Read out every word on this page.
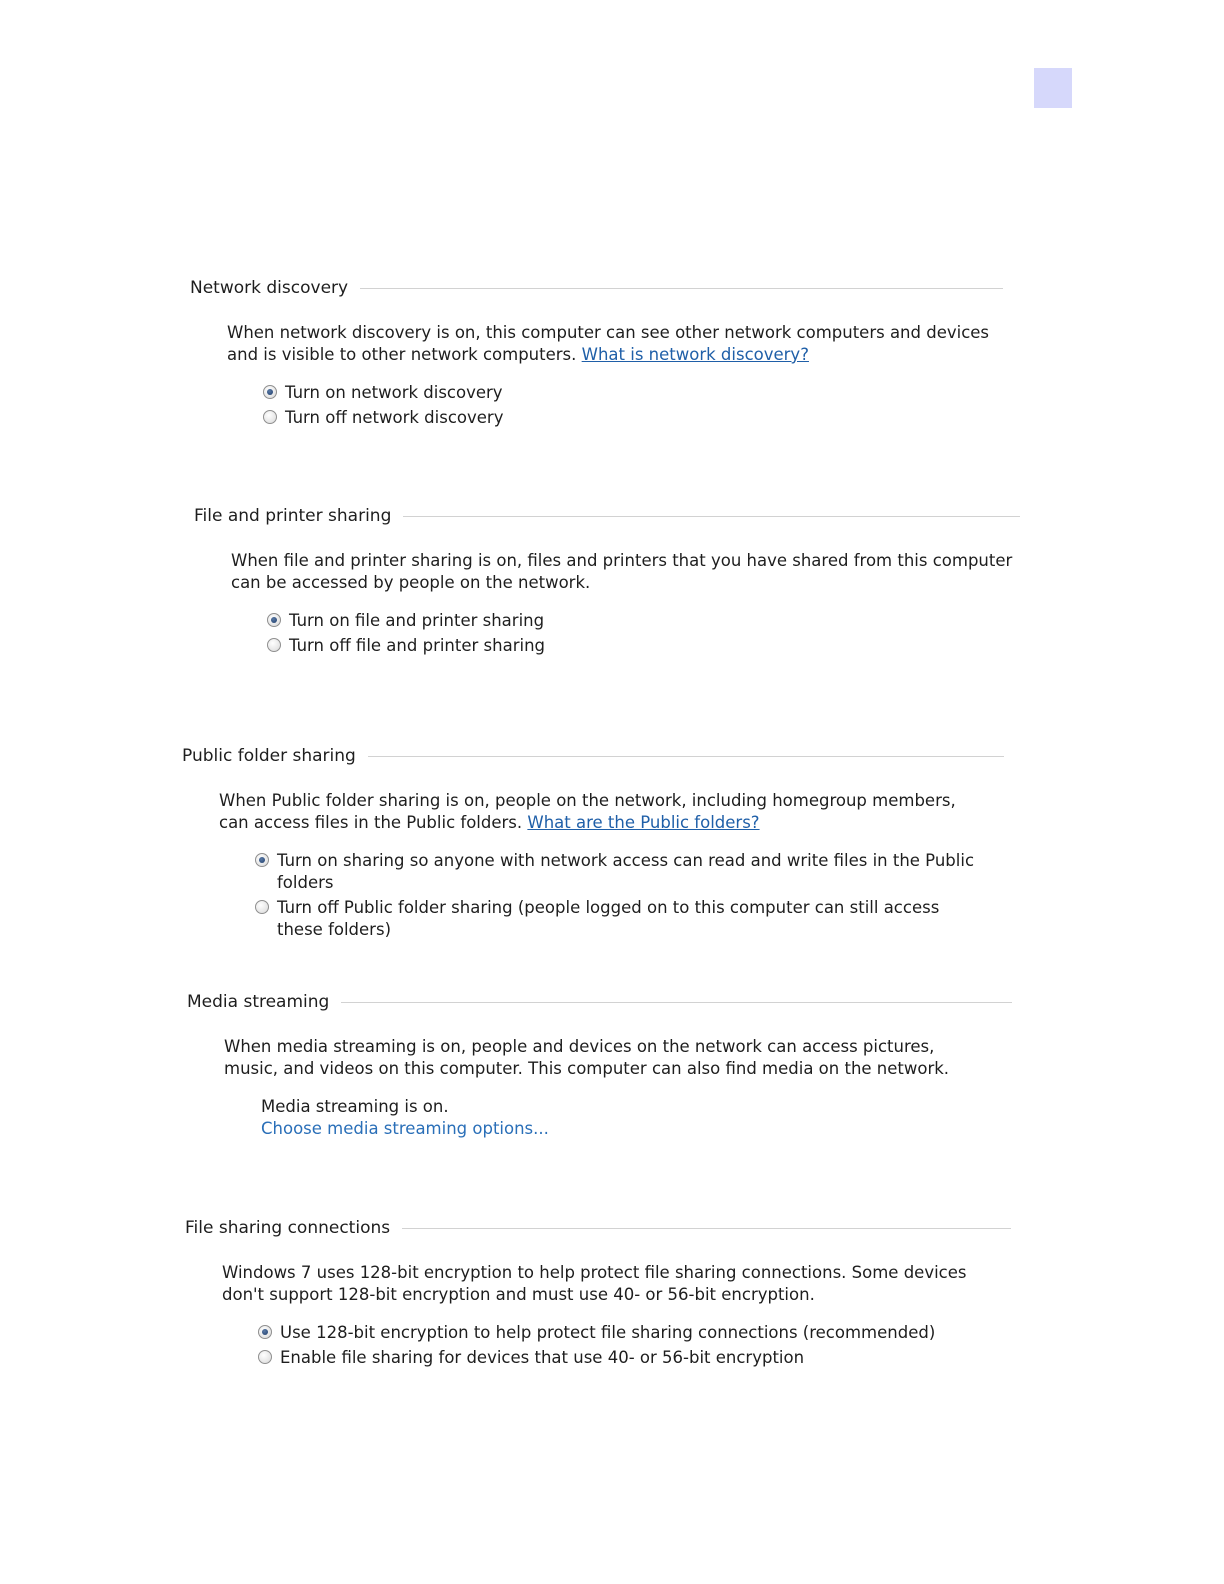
Network discovery
When network discovery is on, this computer can see other network computers and devices and is visible to other network computers. What is network discovery?
Turn on network discovery
Turn off network discovery
File and printer sharing
When file and printer sharing is on, files and printers that you have shared from this computer can be accessed by people on the network.
Turn on file and printer sharing
Turn off file and printer sharing
Public folder sharing
When Public folder sharing is on, people on the network, including homegroup members, can access files in the Public folders. What are the Public folders?
Turn on sharing so anyone with network access can read and write files in the Public folders
Turn off Public folder sharing (people logged on to this computer can still access these folders)
Media streaming
When media streaming is on, people and devices on the network can access pictures, music, and videos on this computer. This computer can also find media on the network.
Media streaming is on.
Choose media streaming options...
File sharing connections
Windows 7 uses 128-bit encryption to help protect file sharing connections. Some devices don't support 128-bit encryption and must use 40- or 56-bit encryption.
Use 128-bit encryption to help protect file sharing connections (recommended)
Enable file sharing for devices that use 40- or 56-bit encryption
